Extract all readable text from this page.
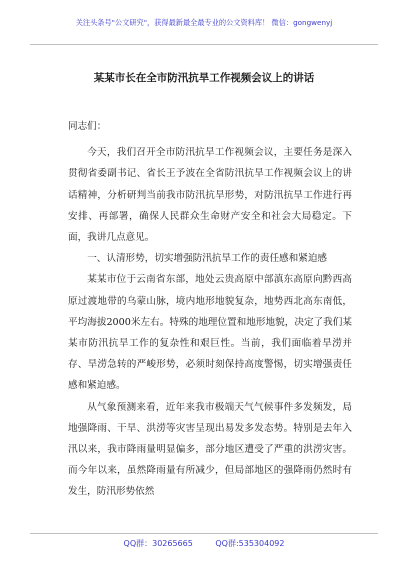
关注头条号"公文研究"，获得最新最全最专业的公文资料库！ 微信：gongwenyj
某某市长在全市防汛抗旱工作视频会议上的讲话

同志们：

今天，我们召开全市防汛抗旱工作视频会议，主要任务是深入贯彻省委副书记、省长王予波在全省防汛抗旱工作视频会议上的讲话精神，分析研判当前我市防汛抗旱形势，对防汛抗旱工作进行再安排、再部署，确保人民群众生命财产安全和社会大局稳定。下面，我讲几点意见。

一、认清形势，切实增强防汛抗旱工作的责任感和紧迫感

某某市位于云南省东部，地处云贵高原中部滇东高原向黔西高原过渡地带的乌蒙山脉，境内地形地貌复杂，地势西北高东南低，平均海拔2000米左右。特殊的地理位置和地形地貌，决定了我们某某市防汛抗旱工作的复杂性和艰巨性。当前，我们面临着旱涝并存、旱涝急转的严峻形势，必须时刻保持高度警惕，切实增强责任感和紧迫感。

从气象预测来看，近年来我市极端天气气候事件多发频发，局地强降雨、干旱、洪涝等灾害呈现出易发多发态势。特别是去年入汛以来，我市降雨量明显偏多，部分地区遭受了严重的洪涝灾害。而今年以来，虽然降雨量有所减少，但局部地区的强降雨仍然时有发生，防汛形势依然

QQ群：30265665	QQ群:535304092
